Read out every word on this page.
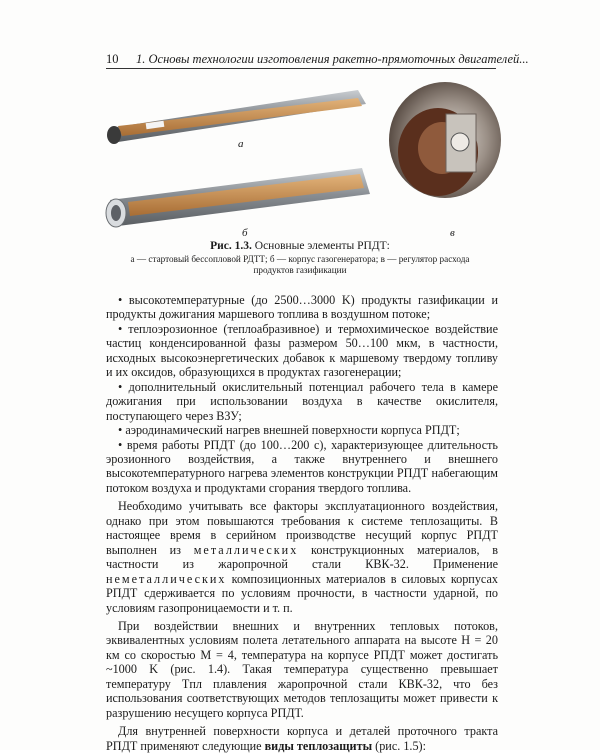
10 1. Основы технологии изготовления ракетно-прямоточных двигателей...
а
б	в
Рис. 1.3. Основные элементы РПДТ:
а — стартовый бессопловой РДТТ; б — корпус газогенератора; в — регулятор расхода продуктов газификации

• высокотемпературные (до 2500…3000 K) продукты газификации и продукты дожигания маршевого топлива в воздушном потоке;

• теплоэрозионное (теплоабразивное) и термохимическое воздействие частиц конденсированной фазы размером 50…100 мкм, в частности, исходных высокоэнергетических добавок к маршевому твердому топливу и их оксидов, образующихся в продуктах газогенерации;

• дополнительный окислительный потенциал рабочего тела в камере дожигания при использовании воздуха в качестве окислителя, поступающего через ВЗУ;

• аэродинамический нагрев внешней поверхности корпуса РПДТ;

• время работы РПДТ (до 100…200 с), характеризующее длительность эрозионного воздействия, а также внутреннего и внешнего высокотемпературного нагрева элементов конструкции РПДТ набегающим потоком воздуха и продуктами сгорания твердого топлива.

Необходимо учитывать все факторы эксплуатационного воздействия, однако при этом повышаются требования к системе теплозащиты. В настоящее время в серийном производстве несущий корпус РПДТ выполнен из металлических конструкционных материалов, в частности из жаропрочной стали КВК-32. Применение неметаллических композиционных материалов в силовых корпусах РПДТ сдерживается по условиям прочности, в частности ударной, по условиям газопроницаемости и т. п.

При воздействии внешних и внутренних тепловых потоков, эквивалентных условиям полета летательного аппарата на высоте H = 20 км со скоростью M = 4, температура на корпусе РПДТ может достигать ~1000 K (рис. 1.4). Такая температура существенно превышает температуру Tпл плавления жаропрочной стали КВК-32, что без использования соответствующих методов теплозащиты может привести к разрушению несущего корпуса РПДТ.

Для внутренней поверхности корпуса и деталей проточного тракта РПДТ применяют следующие виды теплозащиты (рис. 1.5):
